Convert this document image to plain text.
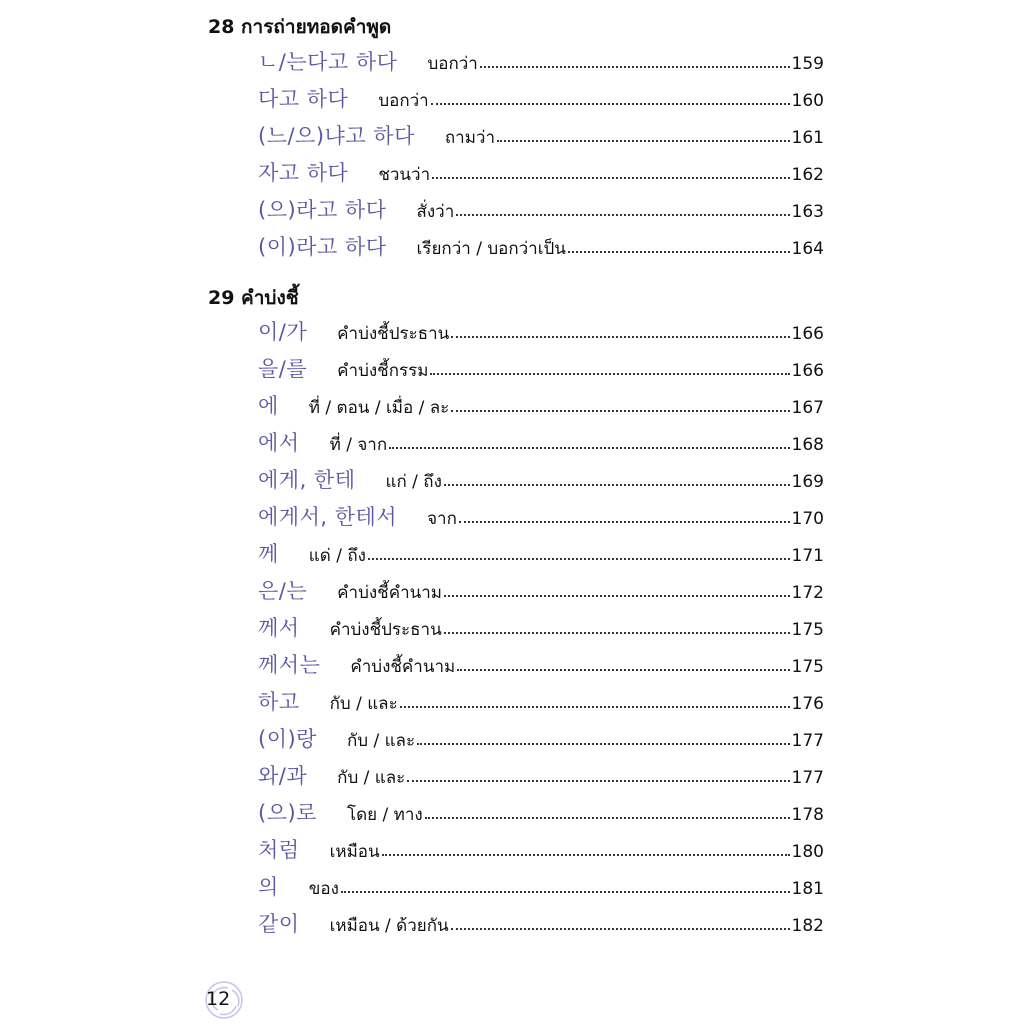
28 การถ่ายทอดคำพูด
ㄴ/는다고 하다 บอกว่า	159
다고 하다 บอกว่า	160
(느/으)냐고 하다 ถามว่า	161
자고 하다 ชวนว่า	162
(으)라고 하다 สั่งว่า	163
(이)라고 하다 เรียกว่า / บอกว่าเป็น	164
29 คำบ่งชี้
이/가 คำบ่งชี้ประธาน	166
을/를 คำบ่งชี้กรรม	166
에 ที่ / ตอน / เมื่อ / ละ	167
에서 ที่ / จาก	168
에게, 한테 แก่ / ถึง	169
에게서, 한테서 จาก	170
께 แด่ / ถึง	171
은/는 คำบ่งชี้คำนาม	172
께서 คำบ่งชี้ประธาน	175
께서는 คำบ่งชี้คำนาม	175
하고 กับ / และ	176
(이)랑 กับ / และ	177
와/과 กับ / และ	177
(으)로 โดย / ทาง	178
처럼 เหมือน	180
의 ของ	181
같이 เหมือน / ด้วยกัน	182
12
